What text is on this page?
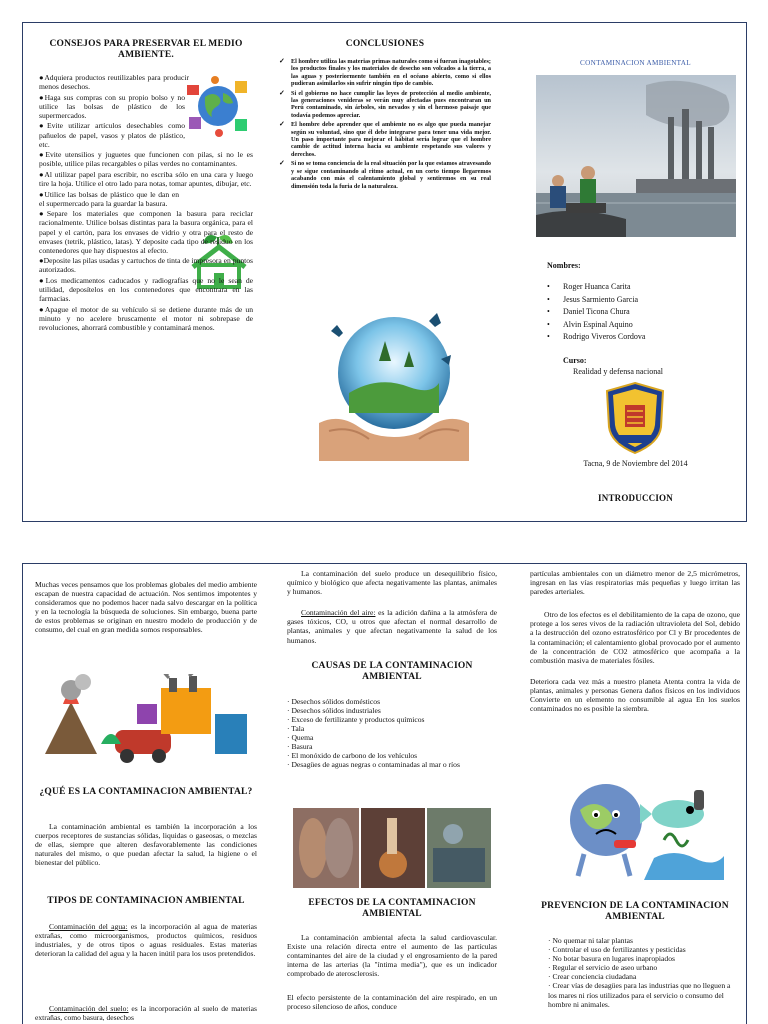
CONSEJOS PARA PRESERVAR EL MEDIO AMBIENTE.

●Adquiera productos reutilizables para producir menos desechos.

●Haga sus compras con su propio bolso y no utilice las bolsas de plástico de los supermercados.

●Evite utilizar artículos desechables como pañuelos de papel, vasos y platos de plástico, etc.

●Evite utensilios y juguetes que funcionen con pilas, si no le es posible, utilice pilas recargables o pilas verdes no contaminantes.

●Al utilizar papel para escribir, no escriba sólo en una cara y luego tire la hoja. Utilice el otro lado para notas, tomar apuntes, dibujar, etc.

●Utilice las bolsas de plástico que le dan en el supermercado para la guardar la basura.

●Separe los materiales que componen la basura para reciclar racionalmente. Utilice bolsas distintas para la basura orgánica, para el papel y el cartón, para los envases de vidrio y otra para el resto de envases (tetrik, plástico, latas). Y deposite cada tipo de residuo en los contenedores que hay dispuestos al efecto.

●Deposite las pilas usadas y cartuchos de tinta de impresora en puntos autorizados.

●Los medicamentos caducados y radiografías que no le sean de utilidad, deposítelos en los contenedores que encontrara en las farmacias.

●Apague el motor de su vehículo si se detiene durante más de un minuto y no acelere bruscamente el motor ni sobrepase de revoluciones, ahorrará combustible y contaminará menos.

CONCLUSIONES
✓ El hombre utiliza las materias primas naturales como si fueran inagotables; los productos finales y los materiales de desecho son volcados a la tierra, a las aguas y posteriormente también en el océano abierto, como si ellos pudieran asimilarlos sin sufrir ningún tipo de cambio.
✓ Si el gobierno no hace cumplir las leyes de protección al medio ambiente, las generaciones venideras se verán muy afectadas pues encontraran un Perú contaminado, sin árboles, sin nevados y sin el hermoso paisaje que todavía podemos apreciar.
✓ El hombre debe aprender que el ambiente no es algo que pueda manejar según su voluntad, sino que él debe integrarse para tener una vida mejor. Un paso importante para mejorar el hábitat sería lograr que el hombre cambie de actitud interna hacia su ambiente respetando sus valores y derechos.
✓ Si no se toma conciencia de la real situación por la que estamos atravesando y se sigue contaminando al ritmo actual, en un corto tiempo llegaremos acabando con más el calentamiento global y sentiremos en su real dimensión toda la furia de la naturaleza.
CONTAMINACION AMBIENTAL
Nombres:
• Roger Huanca Carita
• Jesus Sarmiento Garcia
• Daniel Ticona Chura
• Alvin Espinal Aquino
• Rodrigo Viveros Cordova
Curso:
Realidad y defensa nacional
Tacna, 9 de Noviembre del 2014
INTRODUCCION
Muchas veces pensamos que los problemas globales del medio ambiente escapan de nuestra capacidad de actuación. Nos sentimos impotentes y consideramos que no podemos hacer nada salvo descargar en la política y en la tecnología la búsqueda de soluciones. Sin embargo, buena parte de estos problemas se originan en nuestro modelo de producción y de consumo, del cual en gran medida somos responsables.
¿QUÉ ES LA CONTAMINACION AMBIENTAL?
La contaminación ambiental es también la incorporación a los cuerpos receptores de sustancias sólidas, liquidas o gaseosas, o mezclas de ellas, siempre que alteren desfavorablemente las condiciones naturales del mismo, o que puedan afectar la salud, la higiene o el bienestar del público.
TIPOS DE CONTAMINACION AMBIENTAL
Contaminación del agua: es la incorporación al agua de materias extrañas, como microorganismos, productos químicos, residuos industriales, y de otros tipos o aguas residuales. Estas materias deterioran la calidad del agua y la hacen inútil para los usos pretendidos.
Contaminación del suelo: es la incorporación al suelo de materias extrañas, como basura, desechos
La contaminación del suelo produce un desequilibrio físico, químico y biológico que afecta negativamente las plantas, animales y humanos.
Contaminación del aire: es la adición dañina a la atmósfera de gases tóxicos, CO, u otros que afectan el normal desarrollo de plantas, animales y que afectan negativamente la salud de los humanos.
CAUSAS DE LA CONTAMINACION AMBIENTAL
· Desechos sólidos domésticos
· Desechos sólidos industriales
· Exceso de fertilizante y productos químicos
· Tala
· Quema
· Basura
· El monóxido de carbono de los vehículos
· Desagües de aguas negras o contaminadas al mar o ríos
EFECTOS DE LA CONTAMINACION AMBIENTAL
La contaminación ambiental afecta la salud cardiovascular. Existe una relación directa entre el aumento de las partículas contaminantes del aire de la ciudad y el engrosamiento de la pared interna de las arterias (la "íntima media"), que es un indicador comprobado de aterosclerosis.
El efecto persistente de la contaminación del aire respirado, en un proceso silencioso de años, conduce
partículas ambientales con un diámetro menor de 2,5 micrómetros, ingresan en las vías respiratorias más pequeñas y luego irritan las paredes arteriales.
Otro de los efectos es el debilitamiento de la capa de ozono, que protege a los seres vivos de la radiación ultravioleta del Sol, debido a la destrucción del ozono estratosférico por Cl y Br procedentes de la contaminación; el calentamiento global provocado por el aumento de la concentración de CO2 atmosférico que acompaña a la combustión masiva de materiales fósiles.
Deteriora cada vez más a nuestro planeta Atenta contra la vida de plantas, animales y personas Genera daños físicos en los individuos Convierte en un elemento no consumible al agua En los suelos contaminados no es posible la siembra.
PREVENCION DE LA CONTAMINACION AMBIENTAL
· No quemar ni talar plantas
· Controlar el uso de fertilizantes y pesticidas
· No botar basura en lugares inapropiados
· Regular el servicio de aseo urbano
· Crear conciencia ciudadana
· Crear vías de desagües para las industrias que no lleguen a los mares ni ríos utilizados para el servicio o consumo del hombre ni animales.
